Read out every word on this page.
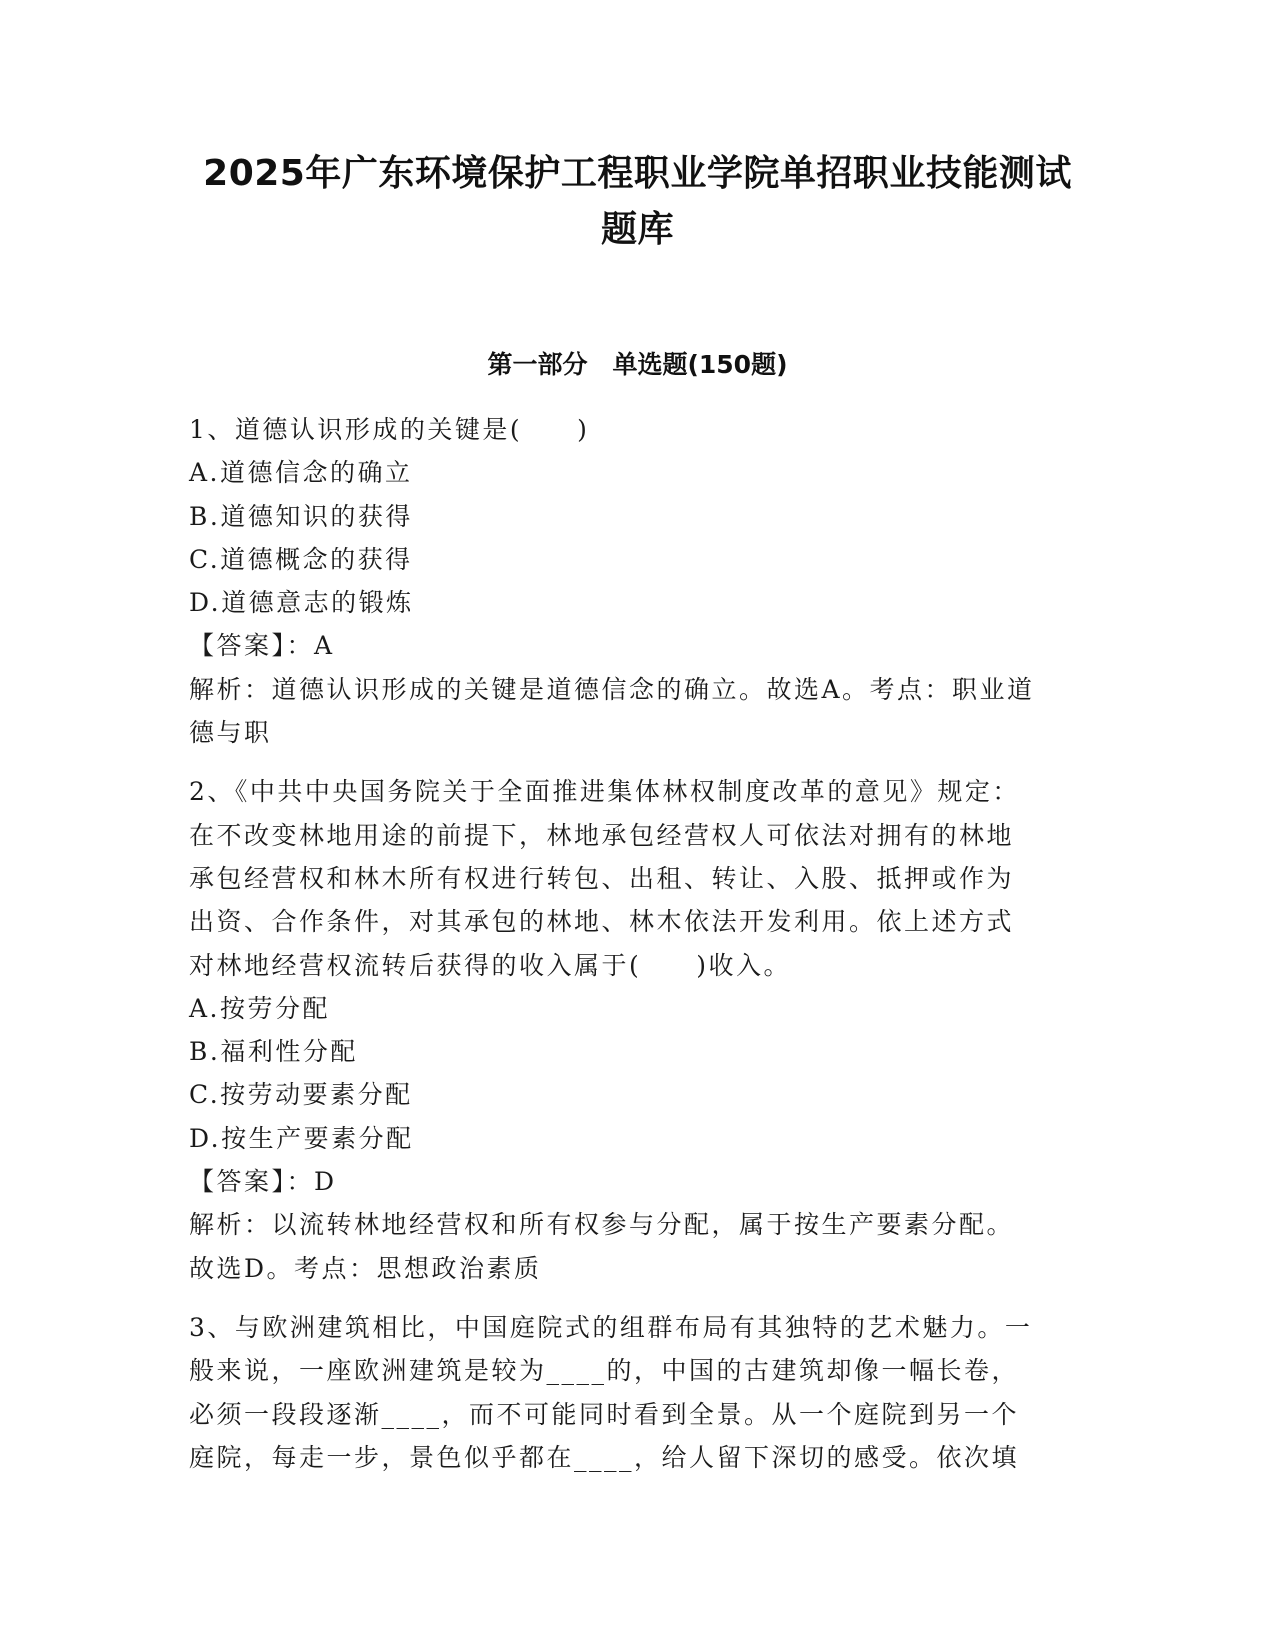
2025年广东环境保护工程职业学院单招职业技能测试
题库
第一部分　单选题(150题)
1、道德认识形成的关键是(　　)
A.道德信念的确立
B.道德知识的获得
C.道德概念的获得
D.道德意志的锻炼
【答案】：A
解析：道德认识形成的关键是道德信念的确立。故选A。考点：职业道
德与职
2、《中共中央国务院关于全面推进集体林权制度改革的意见》规定：
在不改变林地用途的前提下，林地承包经营权人可依法对拥有的林地
承包经营权和林木所有权进行转包、出租、转让、入股、抵押或作为
出资、合作条件，对其承包的林地、林木依法开发利用。依上述方式
对林地经营权流转后获得的收入属于(　　)收入。
A.按劳分配
B.福利性分配
C.按劳动要素分配
D.按生产要素分配
【答案】：D
解析：以流转林地经营权和所有权参与分配，属于按生产要素分配。
故选D。考点：思想政治素质
3、与欧洲建筑相比，中国庭院式的组群布局有其独特的艺术魅力。一
般来说，一座欧洲建筑是较为____的，中国的古建筑却像一幅长卷，
必须一段段逐渐____，而不可能同时看到全景。从一个庭院到另一个
庭院，每走一步，景色似乎都在____，给人留下深切的感受。依次填
